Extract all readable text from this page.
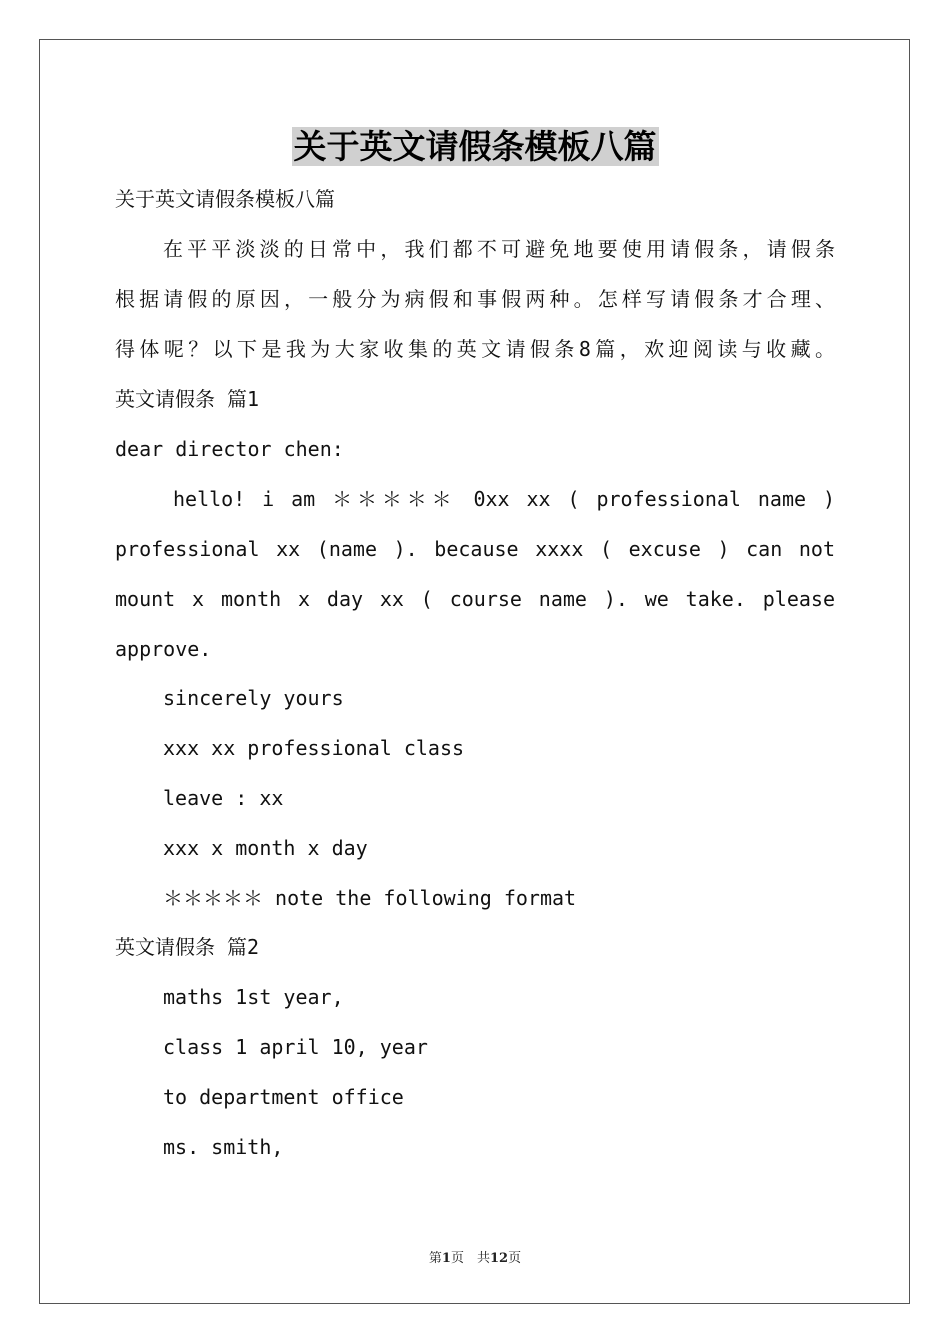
关于英文请假条模板八篇
关于英文请假条模板八篇
在平平淡淡的日常中，我们都不可避免地要使用请假条，请假条
根据请假的原因，一般分为病假和事假两种。怎样写请假条才合理、
得体呢？以下是我为大家收集的英文请假条8篇，欢迎阅读与收藏。
英文请假条 篇1
dear director chen:
hello! i am ＊＊＊＊＊ 0xx xx ( professional name )
professional xx (name ). because xxxx ( excuse ) can not
mount x month x day xx ( course name ). we take. please
approve.
sincerely yours
xxx xx professional class
leave : xx
xxx x month x day
＊＊＊＊＊ note the following format
英文请假条 篇2
maths 1st year,
class 1 april 10, year
to department office
ms. smith,
第1页　共12页
